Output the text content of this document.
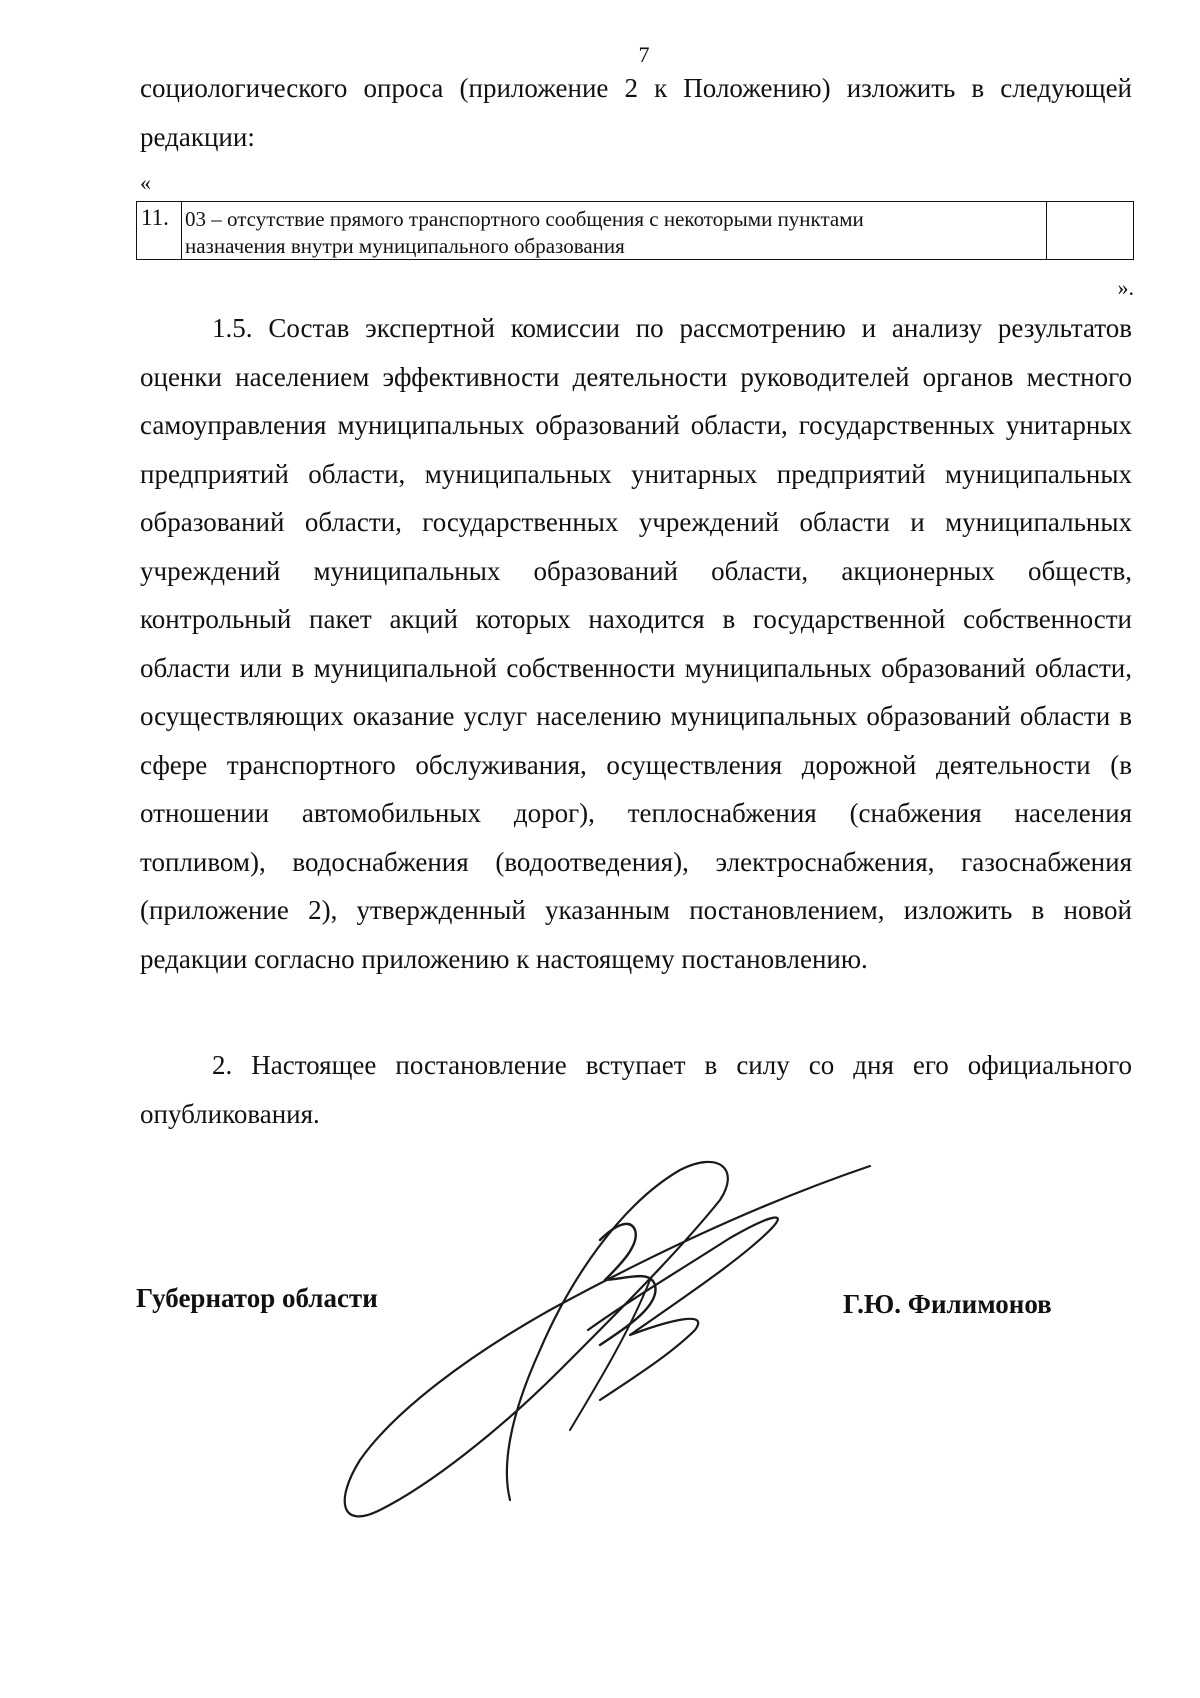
7
социологического опроса (приложение 2 к Положению) изложить в следующей редакции:
«
11. 03 – отсутствие прямого транспортного сообщения с некоторыми пунктами
назначения внутри муниципального образования
».
1.5. Состав экспертной комиссии по рассмотрению и анализу результатов оценки населением эффективности деятельности руководителей органов местного самоуправления муниципальных образований области, государственных унитарных предприятий области, муниципальных унитарных предприятий муниципальных образований области, государственных учреждений области и муниципальных учреждений муниципальных образований области, акционерных обществ, контрольный пакет акций которых находится в государственной собственности области или в муниципальной собственности муниципальных образований области, осуществляющих оказание услуг населению муниципальных образований области в сфере транспортного обслуживания, осуществления дорожной деятельности (в отношении автомобильных дорог), теплоснабжения (снабжения населения топливом), водоснабжения (водоотведения), электроснабжения, газоснабжения (приложение 2), утвержденный указанным постановлением, изложить в новой редакции согласно приложению к настоящему постановлению.
2. Настоящее постановление вступает в силу со дня его официального опубликования.
Губернатор области	Г.Ю. Филимонов
